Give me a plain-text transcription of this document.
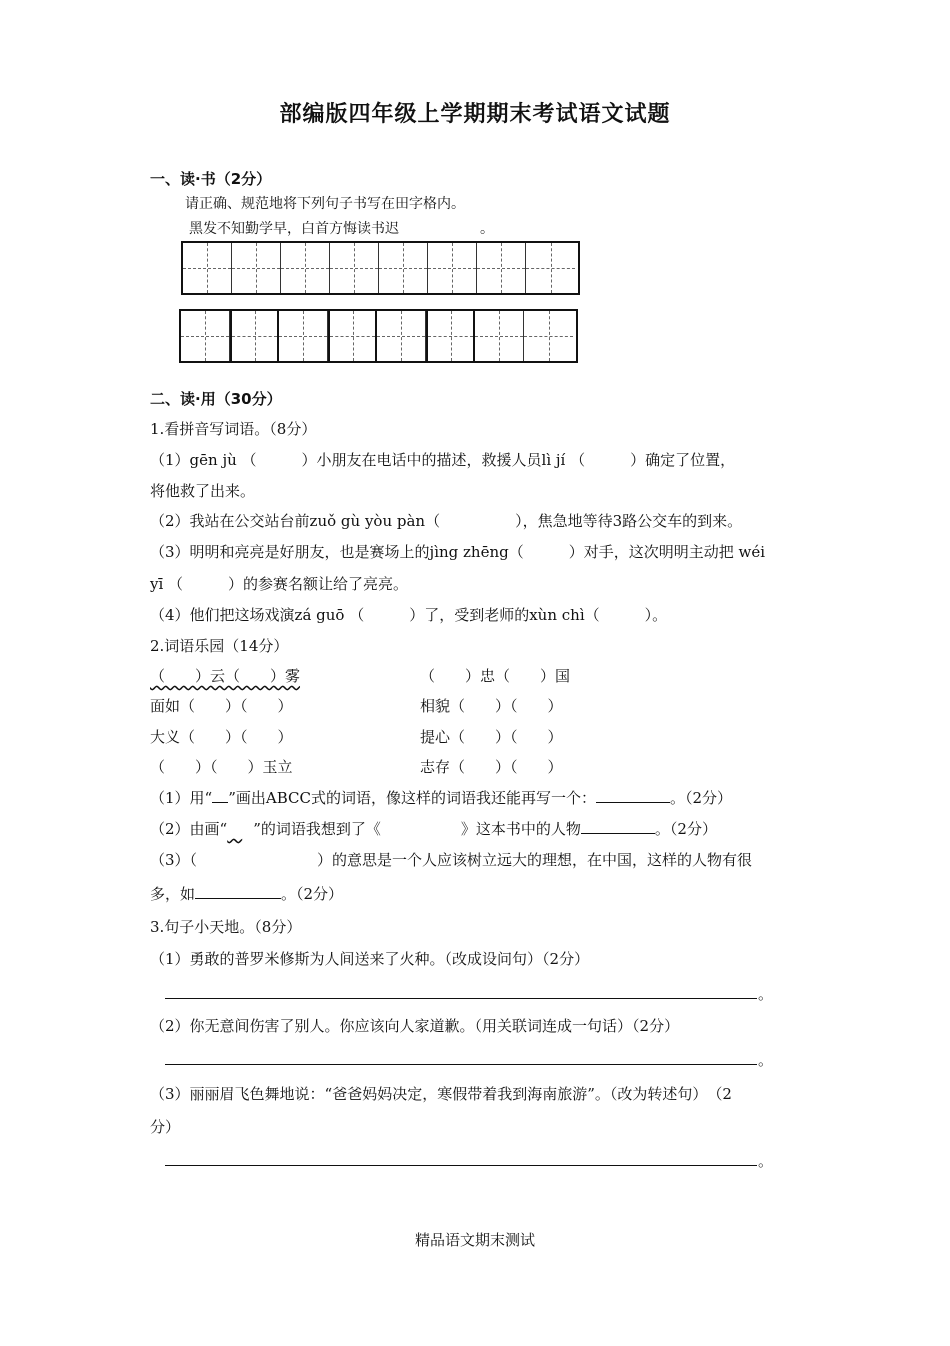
部编版四年级上学期期末考试语文试题
一、读·书（2分）
请正确、规范地将下列句子书写在田字格内。
黑发不知勤学早，白首方悔读书迟	。
二、读·用（30分）
1.看拼音写词语。（8分）
（1）gēn jù （　　　）小朋友在电话中的描述，救援人员lì jí （　　　）确定了位置，
将他救了出来。
（2）我站在公交站台前zuǒ gù yòu pàn（　　　　　），焦急地等待3路公交车的到来。
（3）明明和亮亮是好朋友，也是赛场上的jìng zhēng（　　　）对手，这次明明主动把 wéi
yī （　　　）的参赛名额让给了亮亮。
（4）他们把这场戏演zá guō （　　　）了，受到老师的xùn chì（　　　）。
2.词语乐园（14分）
（　　）云（　　）雾	（　　）忠（　　）国
面如（　　）（　　）	相貌（　　）（　　）
大义（　　）（　　）	提心（　　）（　　）
（　　）（　　）玉立	志存（　　）（　　）
（1）用“ ”画出ABCC式的词语，像这样的词语我还能再写一个：	。（2分）
（2）由画“  ”的词语我想到了《	》这本书中的人物	。（2分）
（3）（　　　　　　　　）的意思是一个人应该树立远大的理想，在中国，这样的人物有很
多，如	。（2分）
3.句子小天地。（8分）
（1）勇敢的普罗米修斯为人间送来了火种。（改成设问句）（2分）
。
（2）你无意间伤害了别人。你应该向人家道歉。（用关联词连成一句话）（2分）
。
（3）丽丽眉飞色舞地说：“爸爸妈妈决定，寒假带着我到海南旅游”。（改为转述句）　（2
分）
。
精品语文期末测试
